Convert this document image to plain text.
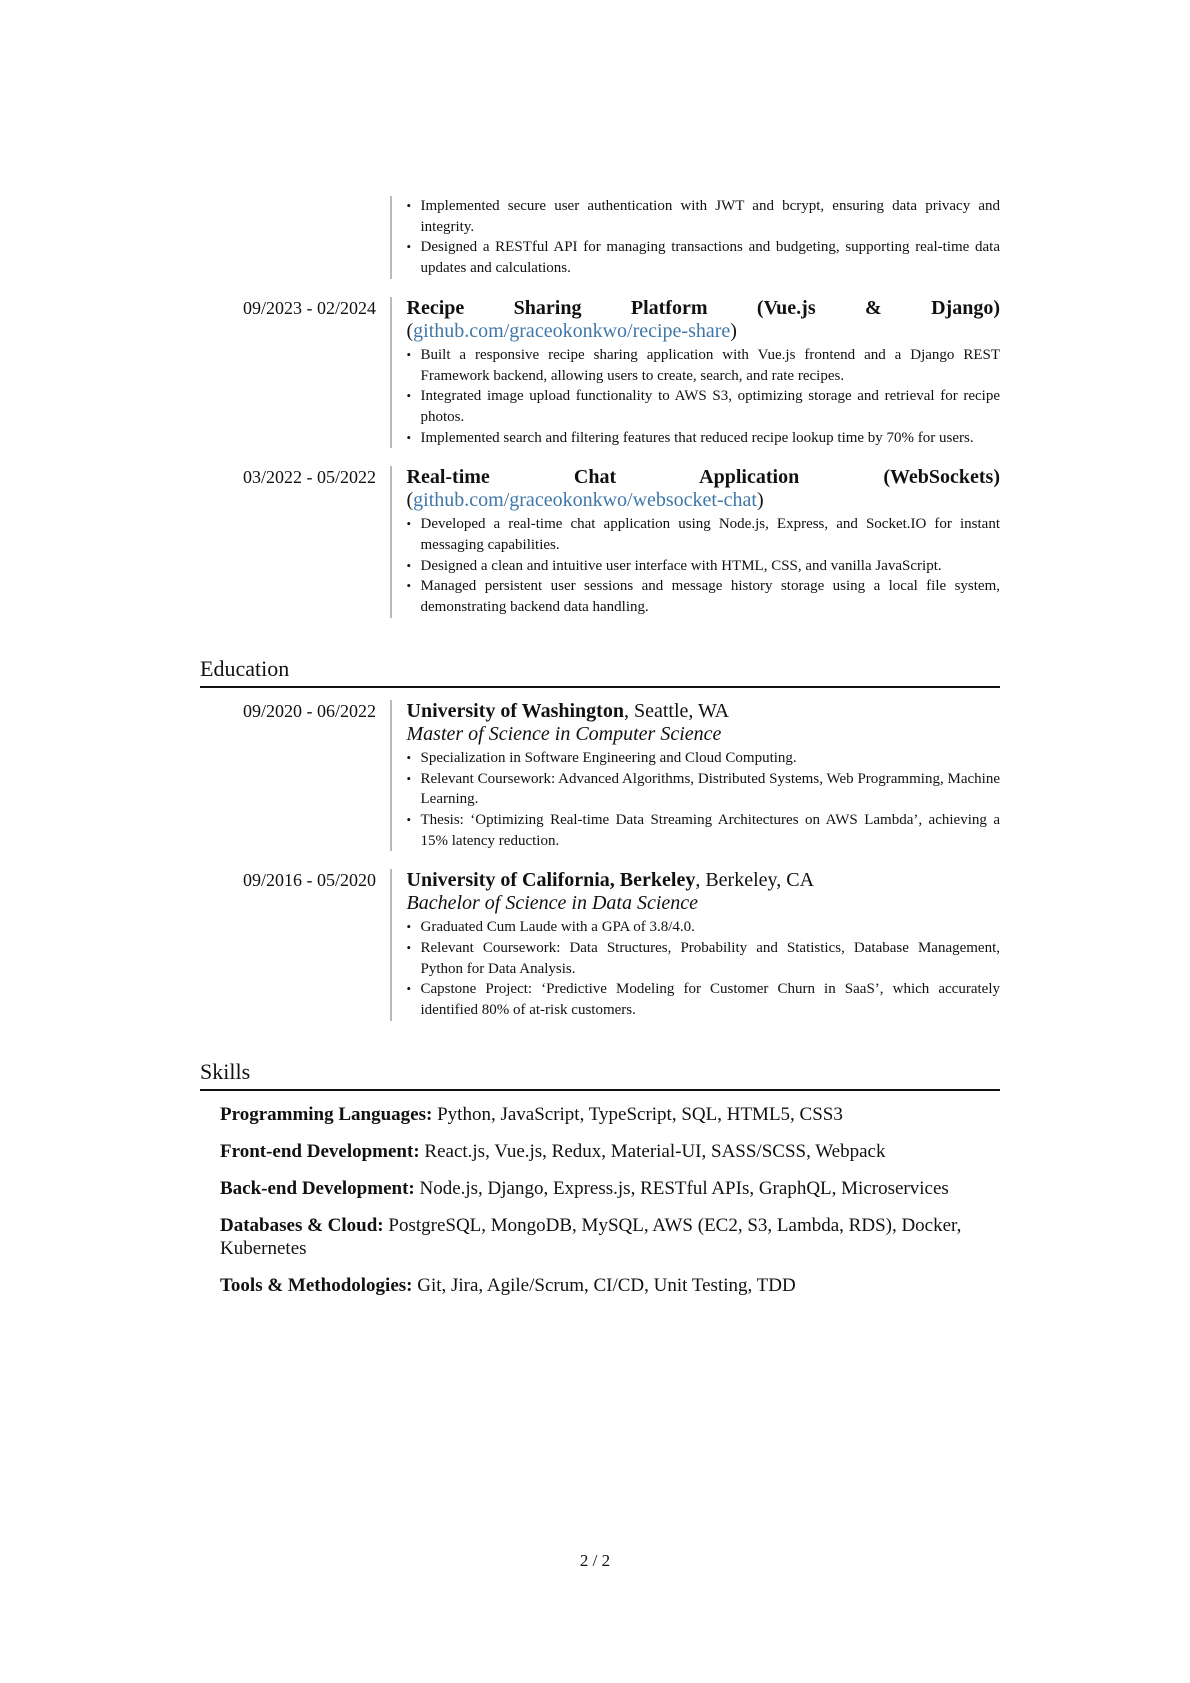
• Implemented secure user authentication with JWT and bcrypt, ensuring data privacy and integrity.
• Designed a RESTful API for managing transactions and budgeting, supporting real-time data updates and calculations.
09/2023 - 02/2024	Recipe Sharing Platform (Vue.js & Django) (github.com/graceokonkwo/recipe-share)
• Built a responsive recipe sharing application with Vue.js frontend and a Django REST Framework backend, allowing users to create, search, and rate recipes.
• Integrated image upload functionality to AWS S3, optimizing storage and retrieval for recipe photos.
• Implemented search and filtering features that reduced recipe lookup time by 70% for users.
03/2022 - 05/2022	Real-time Chat Application (WebSockets) (github.com/graceokonkwo/websocket-chat)
• Developed a real-time chat application using Node.js, Express, and Socket.IO for instant messaging capabilities.
• Designed a clean and intuitive user interface with HTML, CSS, and vanilla JavaScript.
• Managed persistent user sessions and message history storage using a local file system, demonstrating backend data handling.
Education
09/2020 - 06/2022	University of Washington, Seattle, WA
Master of Science in Computer Science
• Specialization in Software Engineering and Cloud Computing.
• Relevant Coursework: Advanced Algorithms, Distributed Systems, Web Programming, Machine Learning.
• Thesis: ‘Optimizing Real-time Data Streaming Architectures on AWS Lambda’, achieving a 15% latency reduction.
09/2016 - 05/2020	University of California, Berkeley, Berkeley, CA
Bachelor of Science in Data Science
• Graduated Cum Laude with a GPA of 3.8/4.0.
• Relevant Coursework: Data Structures, Probability and Statistics, Database Management, Python for Data Analysis.
• Capstone Project: ‘Predictive Modeling for Customer Churn in SaaS’, which accurately identified 80% of at-risk customers.
Skills
Programming Languages: Python, JavaScript, TypeScript, SQL, HTML5, CSS3
Front-end Development: React.js, Vue.js, Redux, Material-UI, SASS/SCSS, Webpack
Back-end Development: Node.js, Django, Express.js, RESTful APIs, GraphQL, Microservices
Databases & Cloud: PostgreSQL, MongoDB, MySQL, AWS (EC2, S3, Lambda, RDS), Docker, Kubernetes
Tools & Methodologies: Git, Jira, Agile/Scrum, CI/CD, Unit Testing, TDD
2 / 2
